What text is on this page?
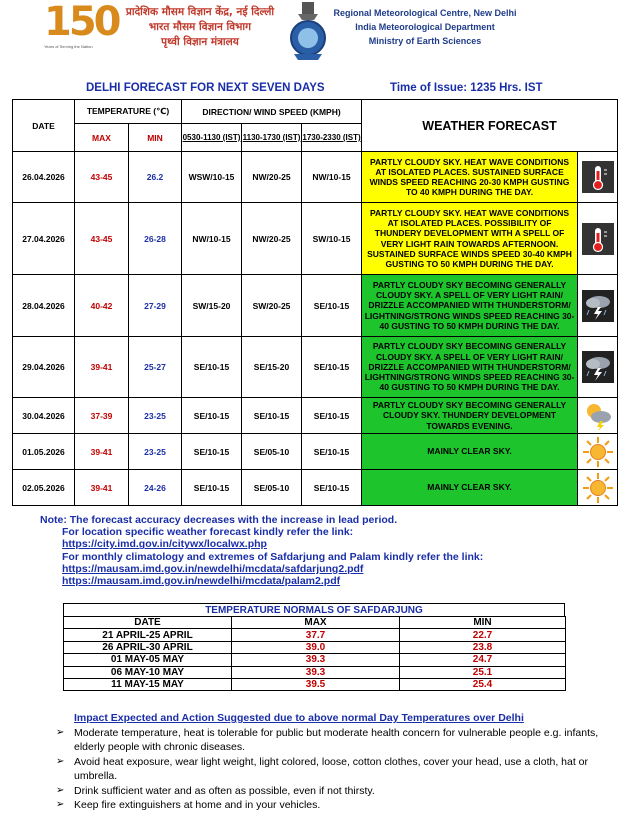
150
Years of Serving the Nation
प्रादेशिक मौसम विज्ञान केंद्र, नई दिल्ली
भारत मौसम विज्ञान विभाग
पृथ्वी विज्ञान मंत्रालय
Regional Meteorological Centre, New Delhi
India Meteorological Department
Ministry of Earth Sciences
DELHI FORECAST FOR NEXT SEVEN DAYS	Time of Issue: 1235 Hrs. IST
DATE	TEMPERATURE (℃)		DIRECTION/ WIND SPEED (KMPH)			WEATHER FORECAST	
	MAX	MIN	0530-1130 (IST)	1130-1730 (IST)	1730-2330 (IST)		

26.04.2026	43-45	26.2	WSW/10-15	NW/20-25	NW/10-15	PARTLY CLOUDY SKY. HEAT WAVE CONDITIONS AT ISOLATED PLACES. SUSTAINED SURFACE WINDS SPEED REACHING 20-30 KMPH GUSTING TO 40 KMPH DURING THE DAY.	

27.04.2026	43-45	26-28	NW/10-15	NW/20-25	SW/10-15	PARTLY CLOUDY SKY. HEAT WAVE CONDITIONS AT ISOLATED PLACES. POSSIBILITY OF THUNDERY DEVELOPMENT WITH A SPELL OF VERY LIGHT RAIN TOWARDS AFTERNOON. SUSTAINED SURFACE WINDS SPEED 30-40 KMPH GUSTING TO 50 KMPH DURING THE DAY.	

28.04.2026	40-42	27-29	SW/15-20	SW/20-25	SE/10-15	PARTLY CLOUDY SKY BECOMING GENERALLY CLOUDY SKY. A SPELL OF VERY LIGHT RAIN/ DRIZZLE ACCOMPANIED WITH THUNDERSTORM/ LIGHTNING/STRONG WINDS SPEED REACHING 30-40 GUSTING TO 50 KMPH DURING THE DAY.	

29.04.2026	39-41	25-27	SE/10-15	SE/15-20	SE/10-15	PARTLY CLOUDY SKY BECOMING GENERALLY CLOUDY SKY. A SPELL OF VERY LIGHT RAIN/ DRIZZLE ACCOMPANIED WITH THUNDERSTORM/ LIGHTNING/STRONG WINDS SPEED REACHING 30-40 GUSTING TO 50 KMPH DURING THE DAY.	

30.04.2026	37-39	23-25	SE/10-15	SE/10-15	SE/10-15	PARTLY CLOUDY SKY BECOMING GENERALLY CLOUDY SKY. THUNDERY DEVELOPMENT TOWARDS EVENING.	

01.05.2026	39-41	23-25	SE/10-15	SE/05-10	SE/10-15	MAINLY CLEAR SKY.	

02.05.2026	39-41	24-26	SE/10-15	SE/05-10	SE/10-15	MAINLY CLEAR SKY.	
Note: The forecast accuracy decreases with the increase in lead period.
For location specific weather forecast kindly refer the link:
https://city.imd.gov.in/citywx/localwx.php
For monthly climatology and extremes of Safdarjung and Palam kindly refer the link:
https://mausam.imd.gov.in/newdelhi/mcdata/safdarjung2.pdf
https://mausam.imd.gov.in/newdelhi/mcdata/palam2.pdf
TEMPERATURE NORMALS OF SAFDARJUNG
DATE	MAX	MIN
21 APRIL-25 APRIL	37.7	22.7
26 APRIL-30 APRIL	39.0	23.8
01 MAY-05 MAY	39.3	24.7
06 MAY-10 MAY	39.3	25.1
11 MAY-15 MAY	39.5	25.4
Impact Expected and Action Suggested due to above normal Day Temperatures over Delhi
➢ Moderate temperature, heat is tolerable for public but moderate health concern for vulnerable people e.g. infants, elderly people with chronic diseases.
➢ Avoid heat exposure, wear light weight, light colored, loose, cotton clothes, cover your head, use a cloth, hat or umbrella.
➢ Drink sufficient water and as often as possible, even if not thirsty.
➢ Keep fire extinguishers at home and in your vehicles.
